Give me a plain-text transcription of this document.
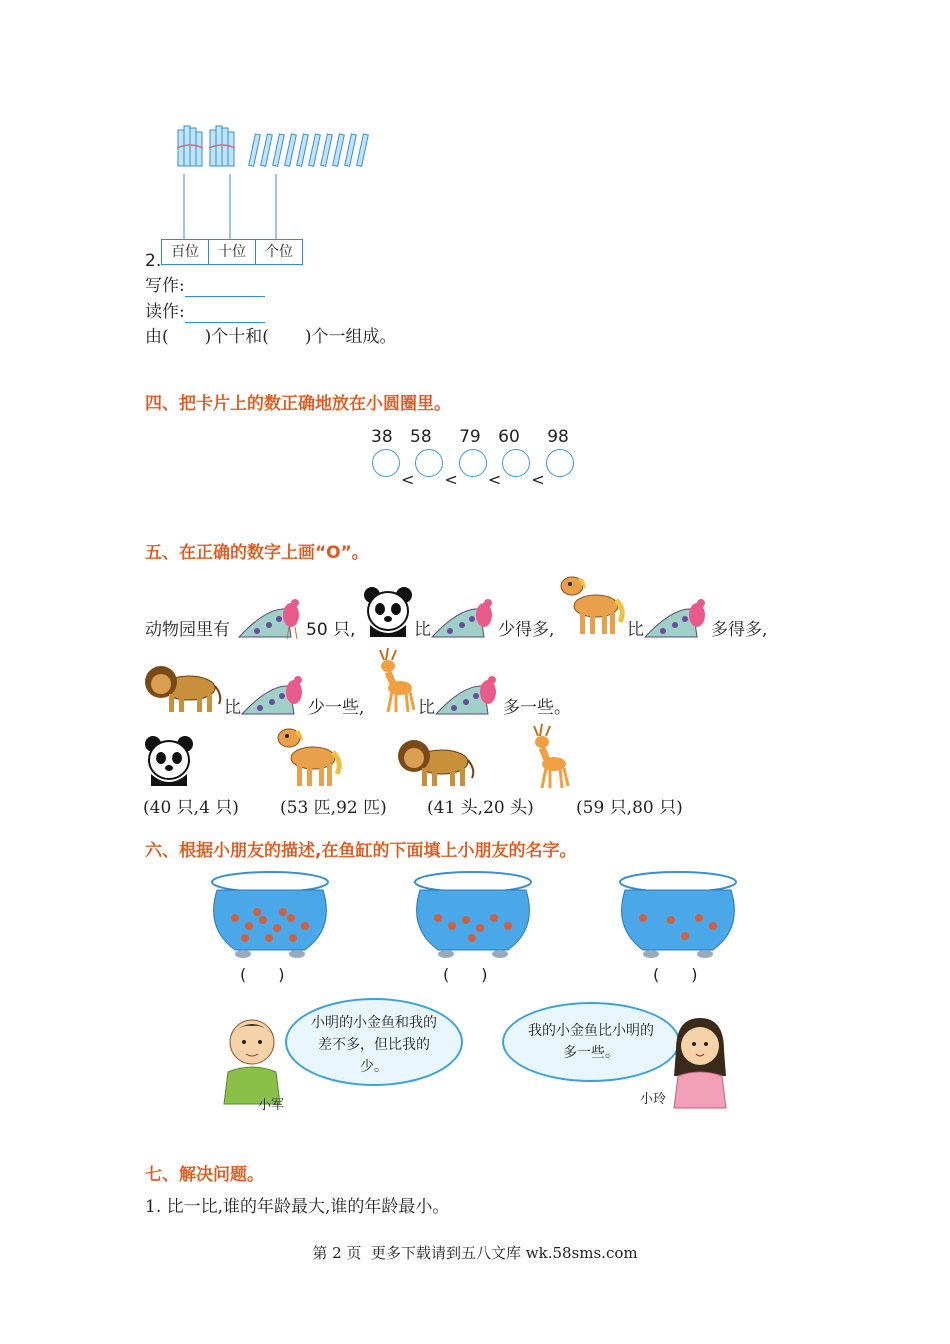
2. 百位	十位	个位
写作:
读作:
由( )个十和( )个一组成。
四、把卡片上的数正确地放在小圆圈里。
38 58 79 60 98
< < < <
五、在正确的数字上画“O”。
动物园里有	50 只,	比	少得多,	比	多得多,
比	少一些,	比	多一些。
(40 只,4 只) (53 匹,92 匹) (41 头,20 头) (59 只,80 只)
六、根据小朋友的描述,在鱼缸的下面填上小朋友的名字。
(　　)	(　　)	(　　)
小军
小明的小金鱼和我的差不多，但比我的少。
我的小金鱼比小明的多一些。
小玲
七、解决问题。
1. 比一比,谁的年龄最大,谁的年龄最小。
第 2 页  更多下载请到五八文库 wk.58sms.com
